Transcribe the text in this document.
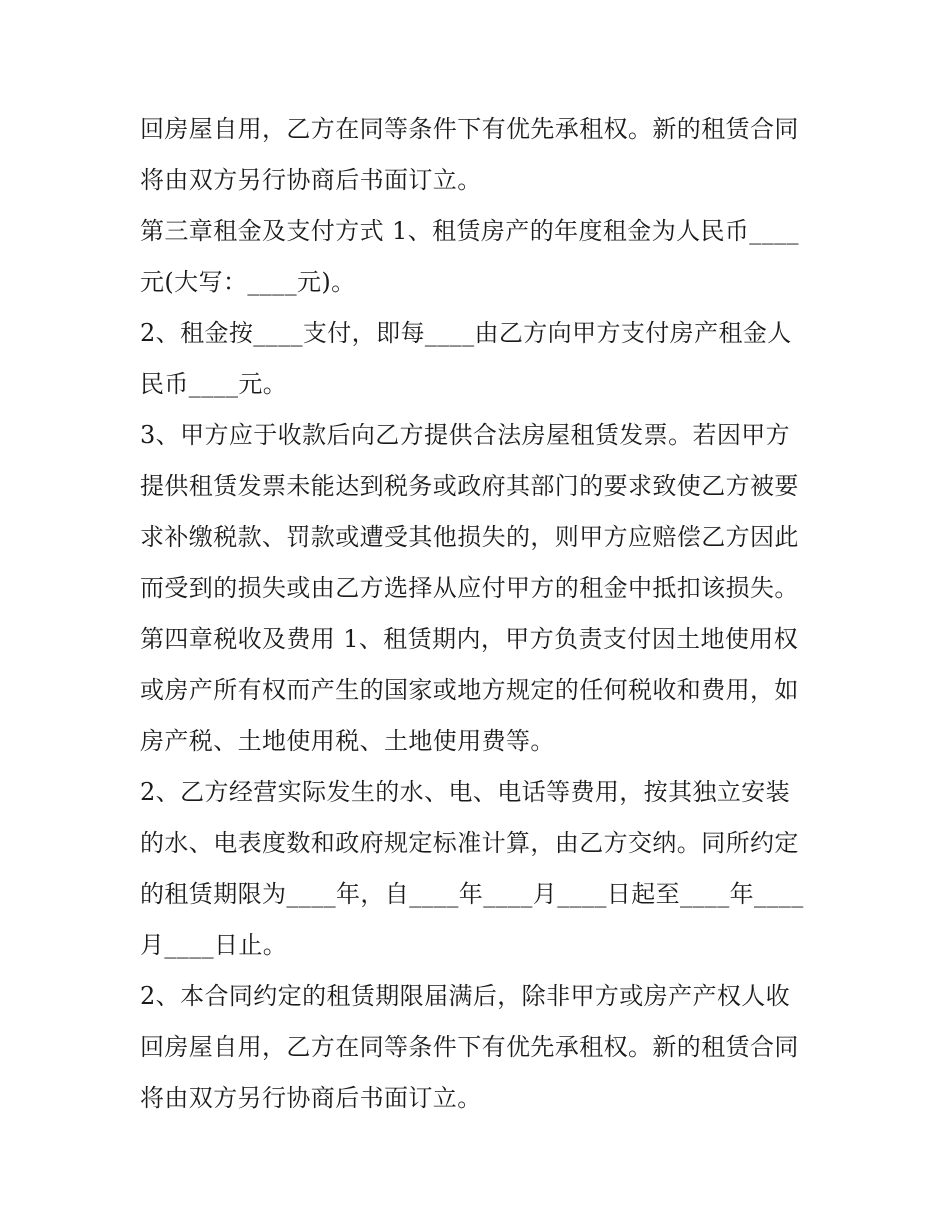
回房屋自用，乙方在同等条件下有优先承租权。新的租赁合同
将由双方另行协商后书面订立。
第三章租金及支付方式 1、租赁房产的年度租金为人民币____
元(大写：____元)。
2、租金按____支付，即每____由乙方向甲方支付房产租金人
民币____元。
3、甲方应于收款后向乙方提供合法房屋租赁发票。若因甲方
提供租赁发票未能达到税务或政府其部门的要求致使乙方被要
求补缴税款、罚款或遭受其他损失的，则甲方应赔偿乙方因此
而受到的损失或由乙方选择从应付甲方的租金中抵扣该损失。
第四章税收及费用 1、租赁期内，甲方负责支付因土地使用权
或房产所有权而产生的国家或地方规定的任何税收和费用，如
房产税、土地使用税、土地使用费等。
2、乙方经营实际发生的水、电、电话等费用，按其独立安装
的水、电表度数和政府规定标准计算，由乙方交纳。同所约定
的租赁期限为____年，自____年____月____日起至____年____
月____日止。
2、本合同约定的租赁期限届满后，除非甲方或房产产权人收
回房屋自用，乙方在同等条件下有优先承租权。新的租赁合同
将由双方另行协商后书面订立。
